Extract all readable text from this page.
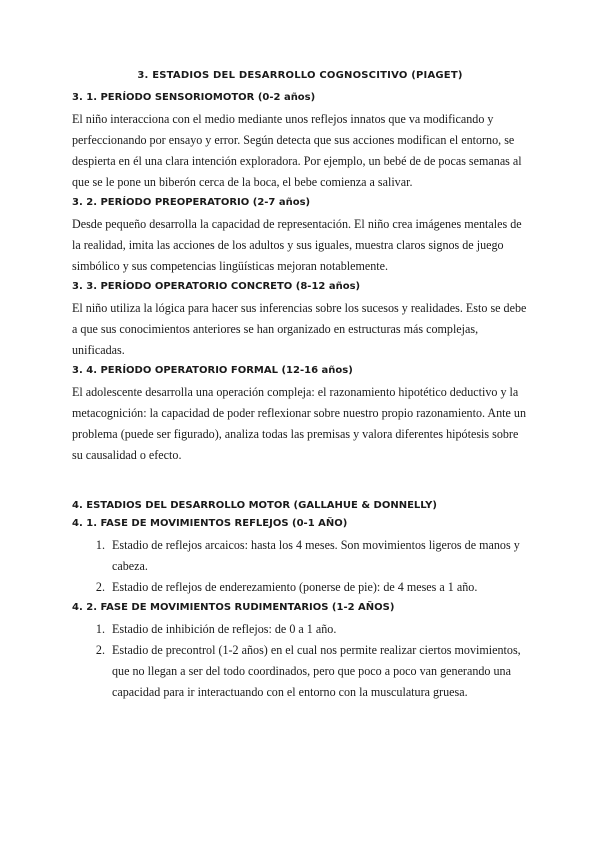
3. ESTADIOS DEL DESARROLLO COGNOSCITIVO (PIAGET)
3. 1. PERÍODO SENSORIOMOTOR (0-2 años)

El niño interacciona con el medio mediante unos reflejos innatos que va modificando y perfeccionando por ensayo y error. Según detecta que sus acciones modifican el entorno, se despierta en él una clara intención exploradora. Por ejemplo, un bebé de de pocas semanas al que se le pone un biberón cerca de la boca, el bebe comienza a salivar.

3. 2. PERÍODO PREOPERATORIO (2-7 años)

Desde pequeño desarrolla la capacidad de representación. El niño crea imágenes mentales de la realidad, imita las acciones de los adultos y sus iguales, muestra claros signos de juego simbólico y sus competencias lingüísticas mejoran notablemente.

3. 3. PERÍODO OPERATORIO CONCRETO (8-12 años)

El niño utiliza la lógica para hacer sus inferencias sobre los sucesos y realidades. Esto se debe a que sus conocimientos anteriores se han organizado en estructuras más complejas, unificadas.

3. 4. PERÍODO OPERATORIO FORMAL (12-16 años)

El adolescente desarrolla una operación compleja: el razonamiento hipotético deductivo y la metacognición: la capacidad de poder reflexionar sobre nuestro propio razonamiento. Ante un problema (puede ser figurado), analiza todas las premisas y valora diferentes hipótesis sobre su causalidad o efecto.

4. ESTADIOS DEL DESARROLLO MOTOR (GALLAHUE & DONNELLY)
4. 1. FASE DE MOVIMIENTOS REFLEJOS (0-1 AÑO)
1. Estadio de reflejos arcaicos: hasta los 4 meses. Son movimientos ligeros de manos y cabeza.
2. Estadio de reflejos de enderezamiento (ponerse de pie): de 4 meses a 1 año.
4. 2. FASE DE MOVIMIENTOS RUDIMENTARIOS (1-2 AÑOS)
1. Estadio de inhibición de reflejos: de 0 a 1 año.
2. Estadio de precontrol (1-2 años) en el cual nos permite realizar ciertos movimientos, que no llegan a ser del todo coordinados, pero que poco a poco van generando una capacidad para ir interactuando con el entorno con la musculatura gruesa.
